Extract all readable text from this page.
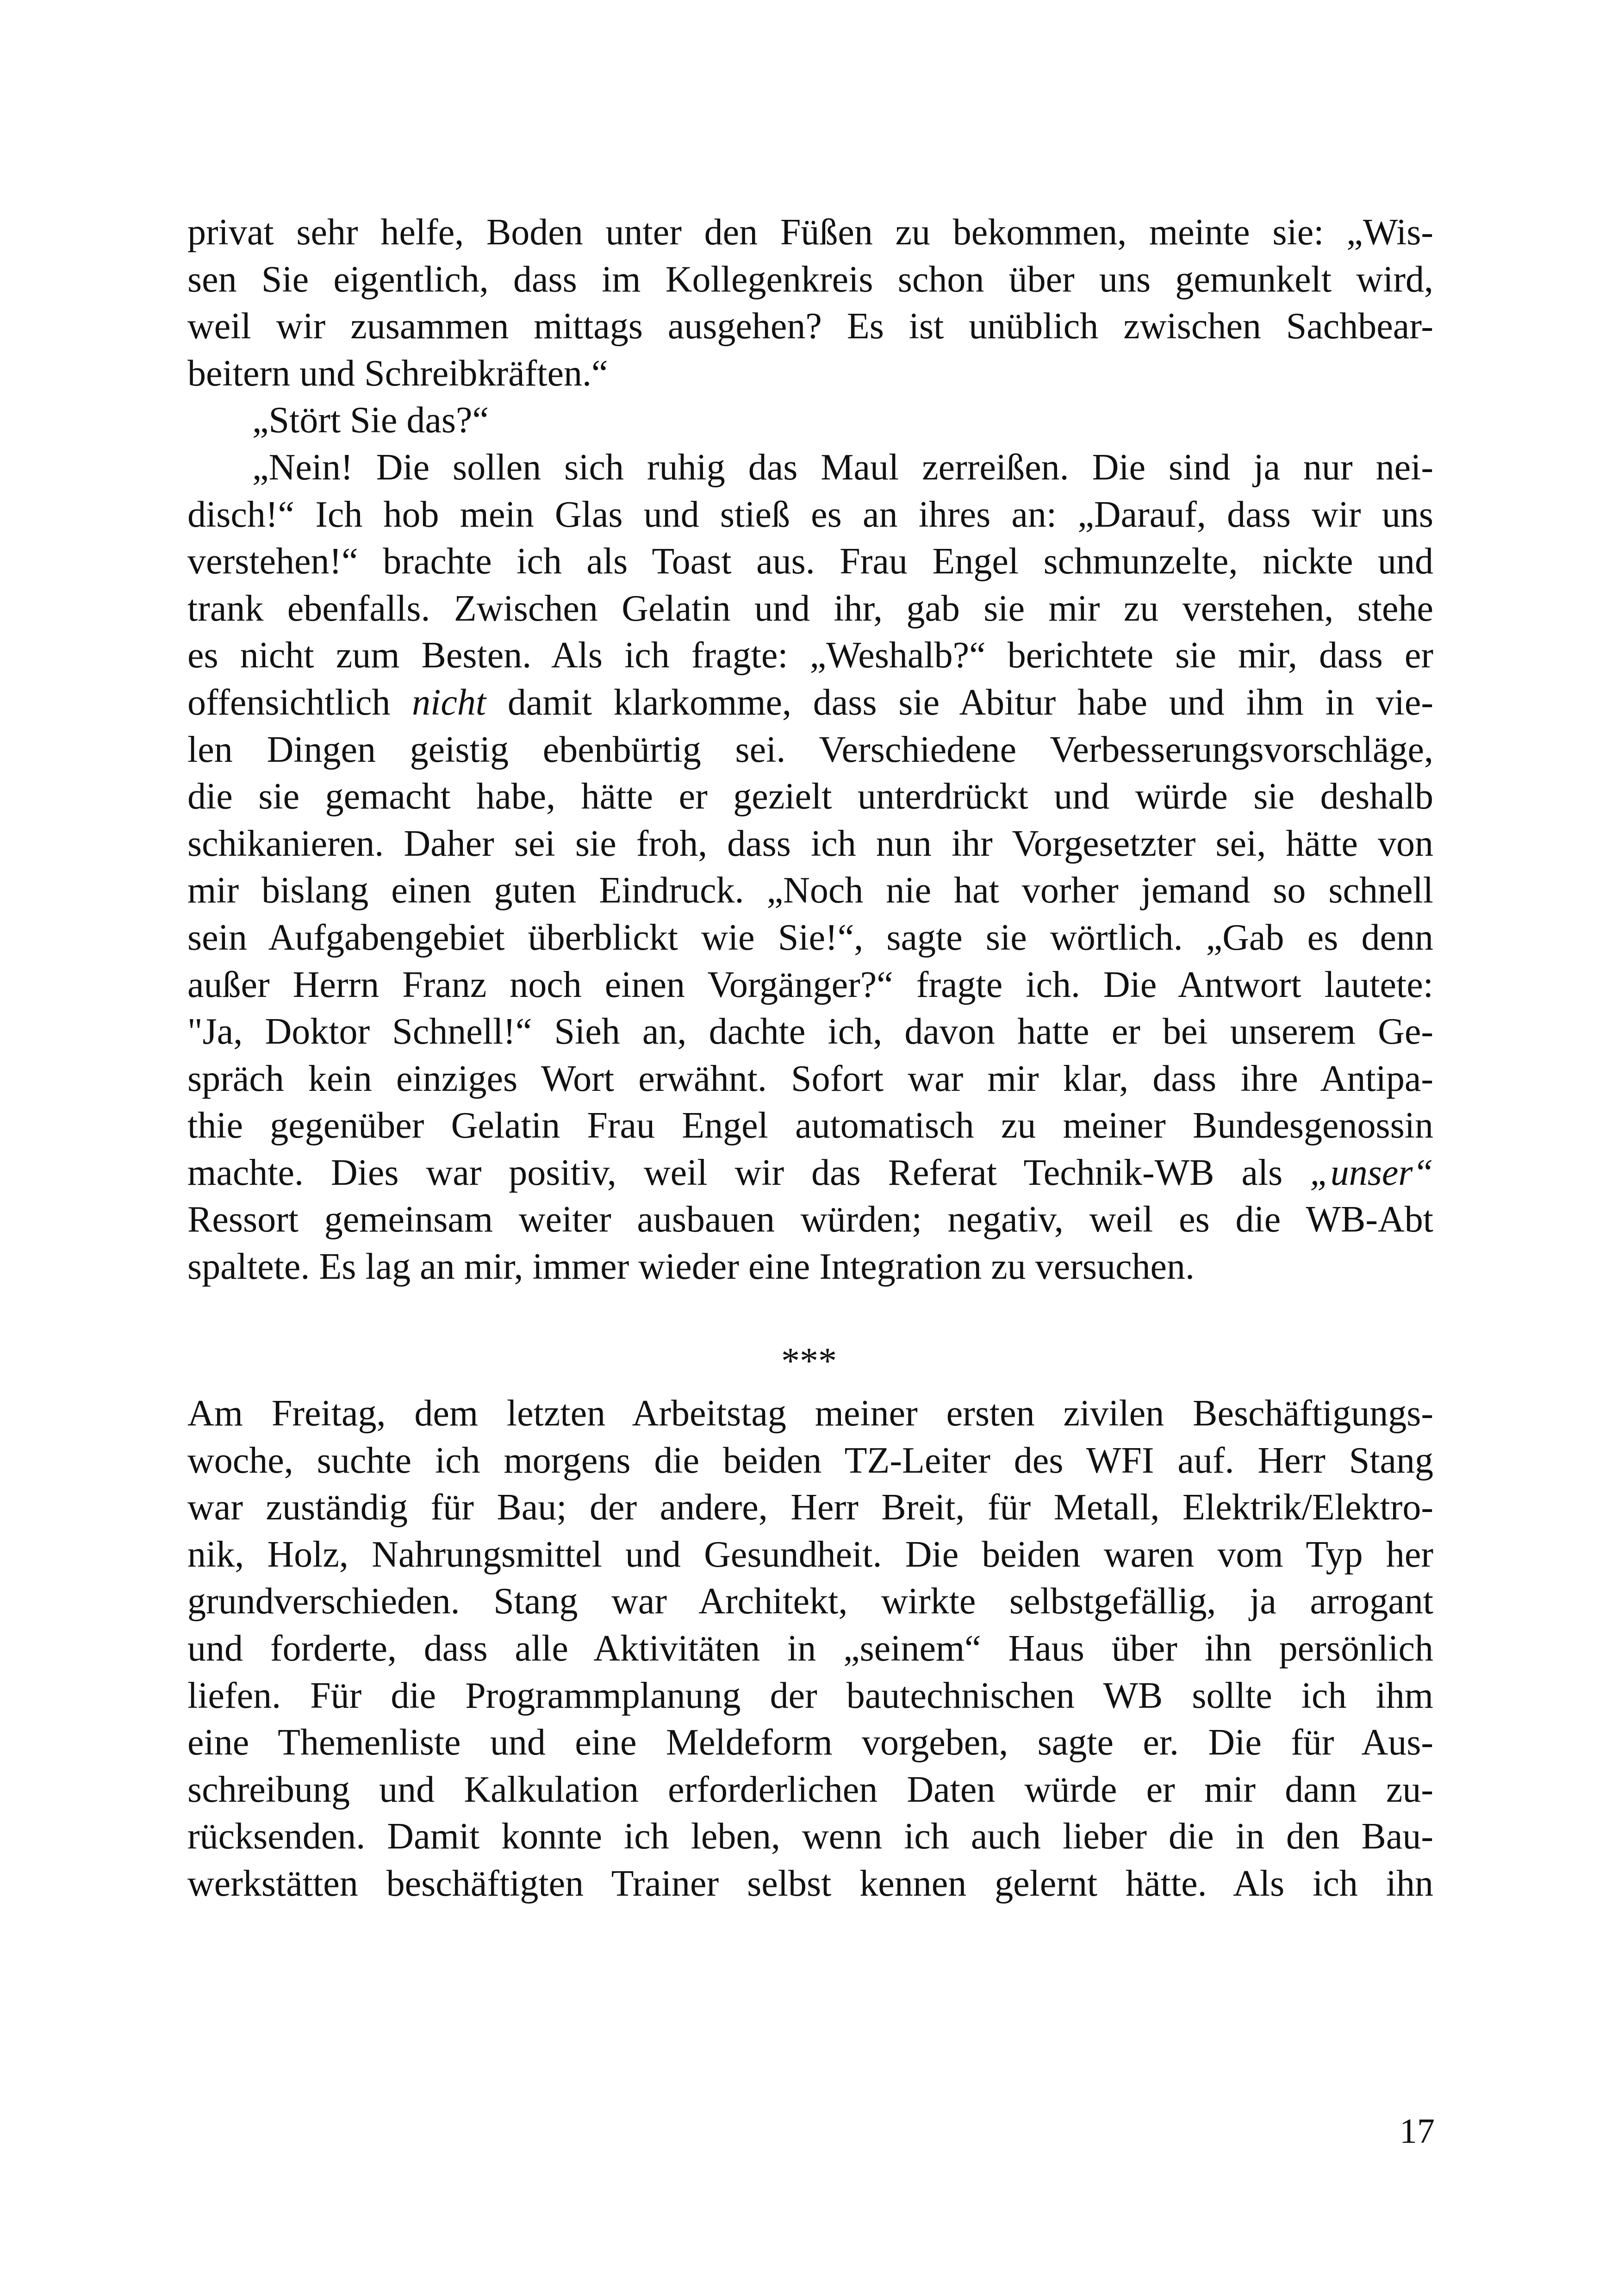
privat sehr helfe, Boden unter den Füßen zu bekommen, meinte sie: „Wis-
sen Sie eigentlich, dass im Kollegenkreis schon über uns gemunkelt wird,
weil wir zusammen mittags ausgehen? Es ist unüblich zwischen Sachbear-
beitern und Schreibkräften.“
„Stört Sie das?“
„Nein! Die sollen sich ruhig das Maul zerreißen. Die sind ja nur nei-
disch!“ Ich hob mein Glas und stieß es an ihres an: „Darauf, dass wir uns
verstehen!“ brachte ich als Toast aus. Frau Engel schmunzelte, nickte und
trank ebenfalls. Zwischen Gelatin und ihr, gab sie mir zu verstehen, stehe
es nicht zum Besten. Als ich fragte: „Weshalb?“ berichtete sie mir, dass er
offensichtlich nicht damit klarkomme, dass sie Abitur habe und ihm in vie-
len Dingen geistig ebenbürtig sei. Verschiedene Verbesserungsvorschläge,
die sie gemacht habe, hätte er gezielt unterdrückt und würde sie deshalb
schikanieren. Daher sei sie froh, dass ich nun ihr Vorgesetzter sei, hätte von
mir bislang einen guten Eindruck. „Noch nie hat vorher jemand so schnell
sein Aufgabengebiet überblickt wie Sie!“, sagte sie wörtlich. „Gab es denn
außer Herrn Franz noch einen Vorgänger?“ fragte ich. Die Antwort lautete:
"Ja, Doktor Schnell!“ Sieh an, dachte ich, davon hatte er bei unserem Ge-
spräch kein einziges Wort erwähnt. Sofort war mir klar, dass ihre Antipa-
thie gegenüber Gelatin Frau Engel automatisch zu meiner Bundesgenossin
machte. Dies war positiv, weil wir das Referat Technik-WB als „unser“
Ressort gemeinsam weiter ausbauen würden; negativ, weil es die WB-Abt
spaltete. Es lag an mir, immer wieder eine Integration zu versuchen.
***
Am Freitag, dem letzten Arbeitstag meiner ersten zivilen Beschäftigungs-
woche, suchte ich morgens die beiden TZ-Leiter des WFI auf. Herr Stang
war zuständig für Bau; der andere, Herr Breit, für Metall, Elektrik/Elektro-
nik, Holz, Nahrungsmittel und Gesundheit. Die beiden waren vom Typ her
grundverschieden. Stang war Architekt, wirkte selbstgefällig, ja arrogant
und forderte, dass alle Aktivitäten in „seinem“ Haus über ihn persönlich
liefen. Für die Programmplanung der bautechnischen WB sollte ich ihm
eine Themenliste und eine Meldeform vorgeben, sagte er. Die für Aus-
schreibung und Kalkulation erforderlichen Daten würde er mir dann zu-
rücksenden. Damit konnte ich leben, wenn ich auch lieber die in den Bau-
werkstätten beschäftigten Trainer selbst kennen gelernt hätte. Als ich ihn
17
